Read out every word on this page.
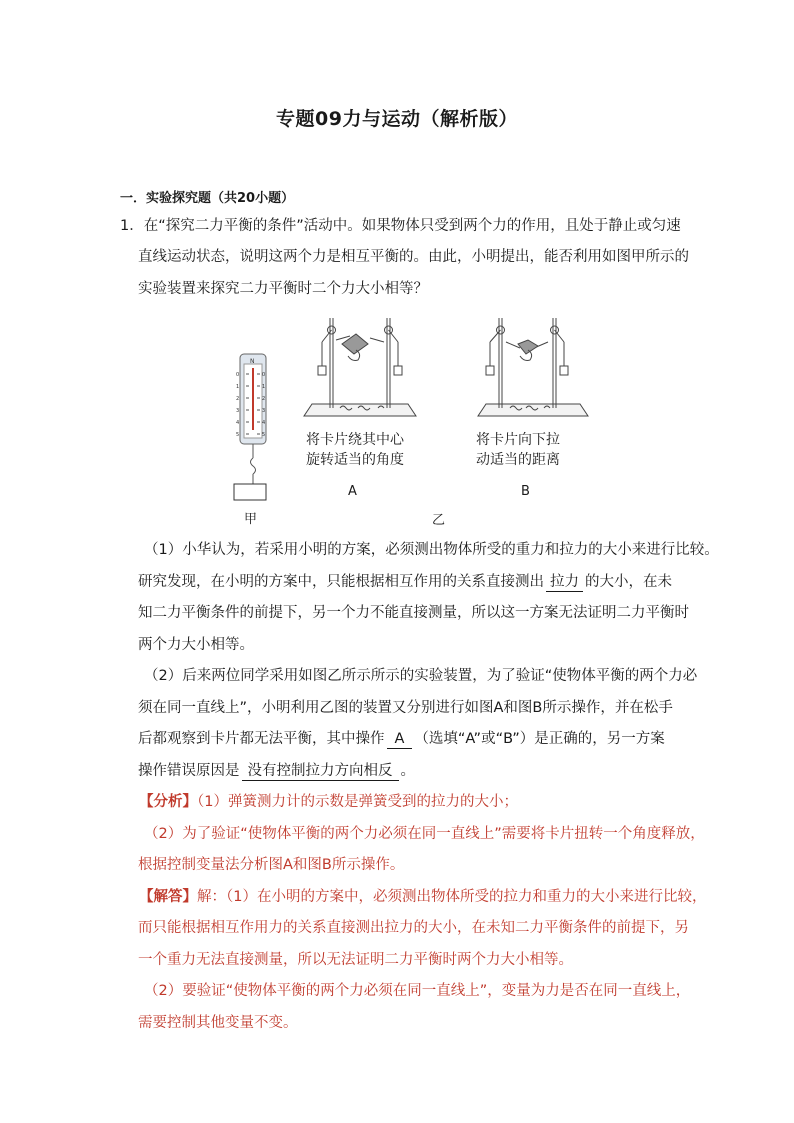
专题09力与运动（解析版）
一．实验探究题（共20小题）
1．在“探究二力平衡的条件”活动中。如果物体只受到两个力的作用，且处于静止或匀速
直线运动状态，说明这两个力是相互平衡的。由此，小明提出，能否利用如图甲所示的
实验装置来探究二力平衡时二个力大小相等？
N
0	0
1	1
2	2
3	3
4	4
5	5	将卡片绕其中心
旋转适当的角度
将卡片向下拉
动适当的距离
A	B
甲	乙
（1）小华认为，若采用小明的方案，必须测出物体所受的重力和拉力的大小来进行比较。
研究发现，在小明的方案中，只能根据相互作用的关系直接测出 拉力 的大小，在未
知二力平衡条件的前提下，另一个力不能直接测量，所以这一方案无法证明二力平衡时
两个力大小相等。
（2）后来两位同学采用如图乙所示所示的实验装置，为了验证“使物体平衡的两个力必
须在同一直线上”，小明利用乙图的装置又分别进行如图A和图B所示操作，并在松手
后都观察到卡片都无法平衡，其中操作 A （选填“A”或“B”）是正确的，另一方案
操作错误原因是 没有控制拉力方向相反 。
【分析】（1）弹簧测力计的示数是弹簧受到的拉力的大小；
（2）为了验证“使物体平衡的两个力必须在同一直线上”需要将卡片扭转一个角度释放，
根据控制变量法分析图A和图B所示操作。
【解答】解：（1）在小明的方案中，必须测出物体所受的拉力和重力的大小来进行比较，
而只能根据相互作用力的关系直接测出拉力的大小，在未知二力平衡条件的前提下，另
一个重力无法直接测量，所以无法证明二力平衡时两个力大小相等。
（2）要验证“使物体平衡的两个力必须在同一直线上”，变量为力是否在同一直线上，
需要控制其他变量不变。
